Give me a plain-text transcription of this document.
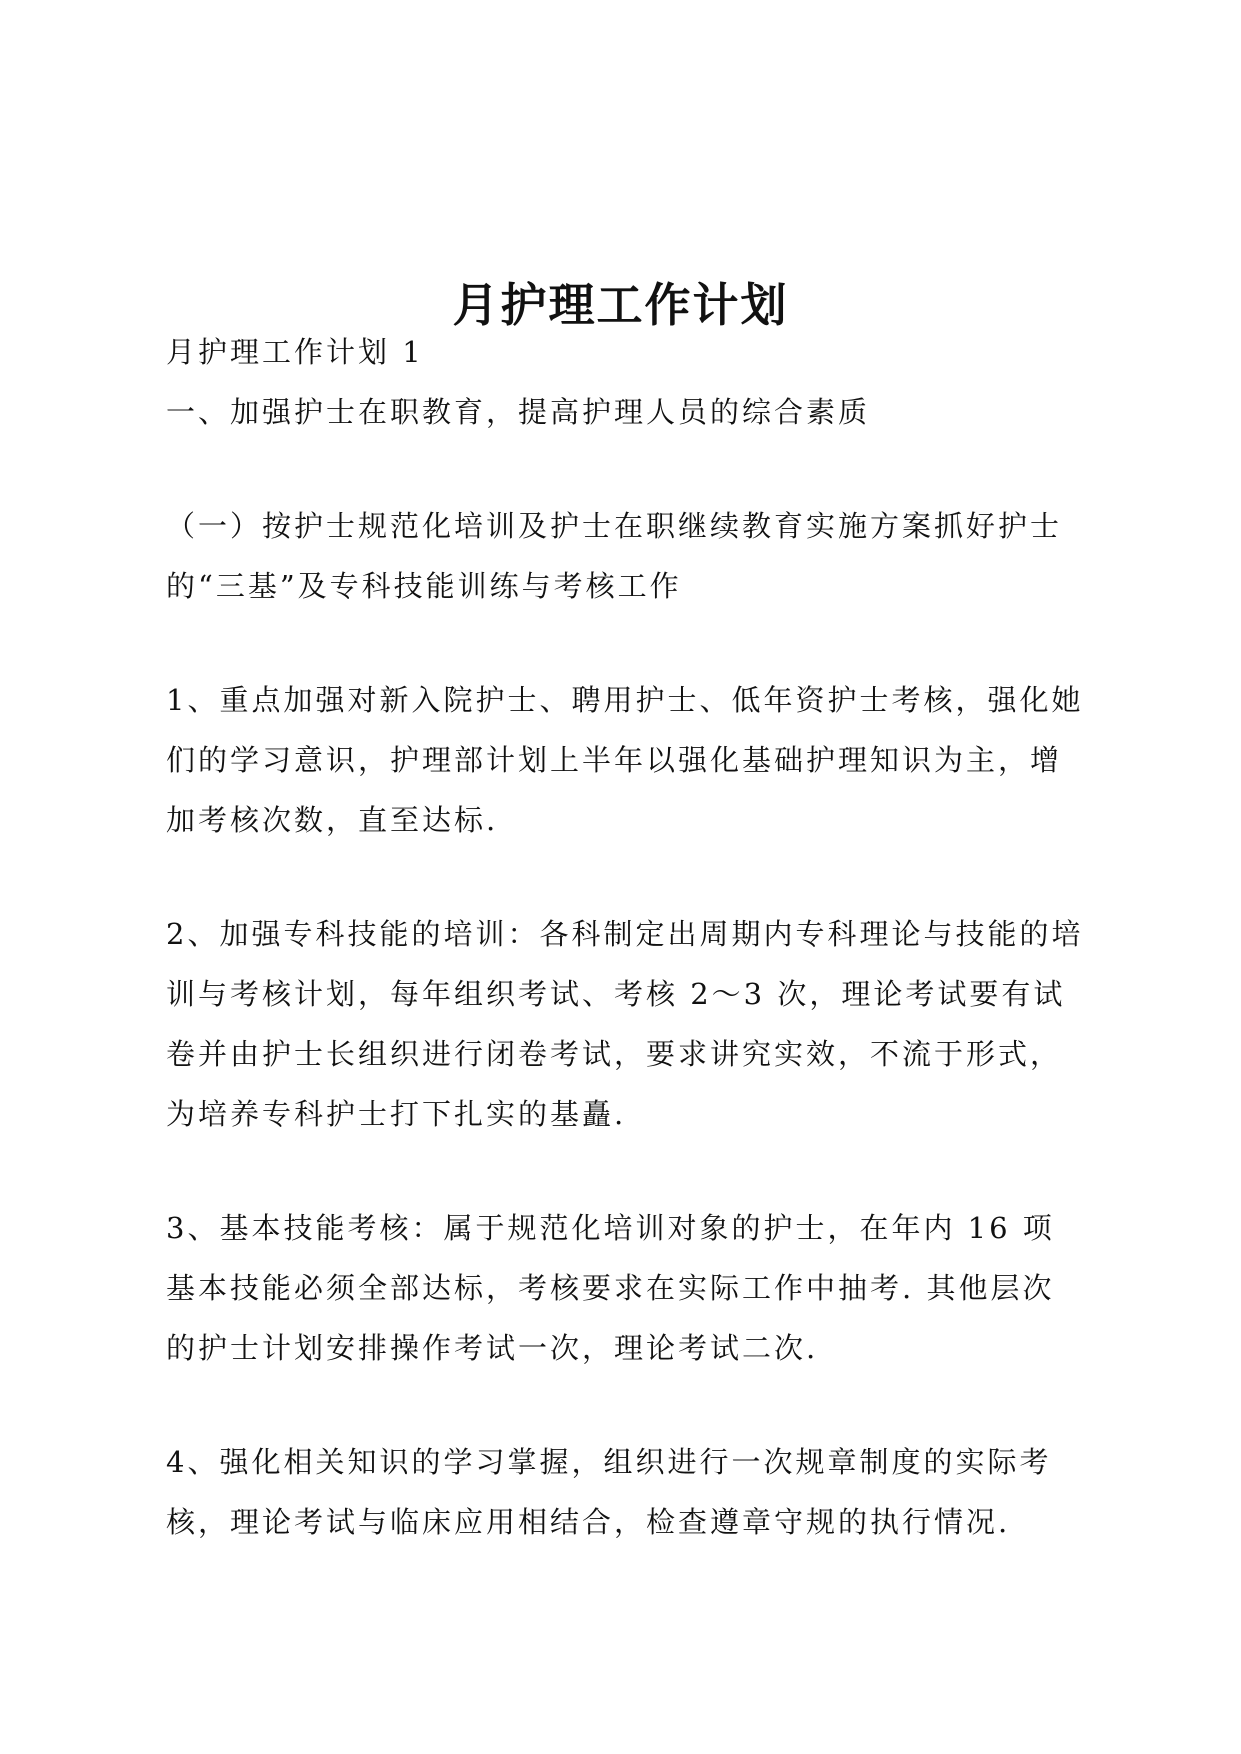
月护理工作计划

月护理工作计划 1

一、加强护士在职教育，提高护理人员的综合素质

（一）按护士规范化培训及护士在职继续教育实施方案抓好护士的“三基”及专科技能训练与考核工作

1、重点加强对新入院护士、聘用护士、低年资护士考核，强化她们的学习意识，护理部计划上半年以强化基础护理知识为主，增加考核次数，直至达标.

2、加强专科技能的培训：各科制定出周期内专科理论与技能的培训与考核计划，每年组织考试、考核 2～3 次，理论考试要有试卷并由护士长组织进行闭卷考试，要求讲究实效，不流于形式，为培养专科护士打下扎实的基矗.

3、基本技能考核：属于规范化培训对象的护士，在年内 16 项基本技能必须全部达标，考核要求在实际工作中抽考. 其他层次的护士计划安排操作考试一次，理论考试二次.

4、强化相关知识的学习掌握，组织进行一次规章制度的实际考核，理论考试与临床应用相结合，检查遵章守规的执行情况.
